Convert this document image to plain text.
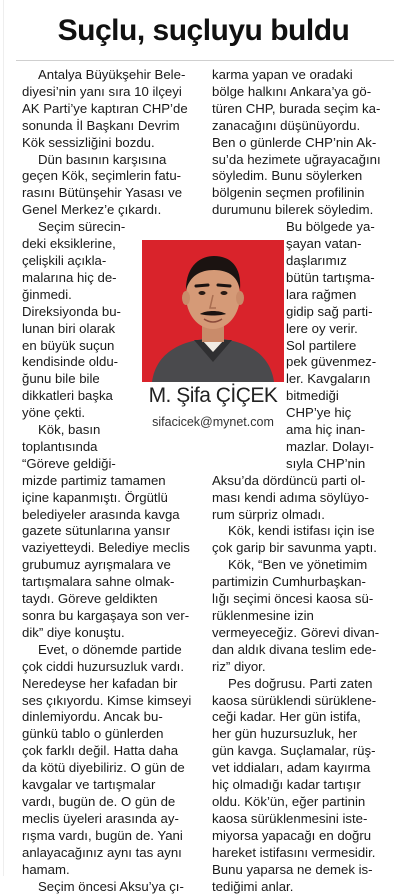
Suçlu, suçluyu buldu
Antalya Büyükşehir Bele-
diyesi’nin yanı sıra 10 ilçeyi
AK Parti’ye kaptıran CHP’de
sonunda İl Başkanı Devrim
Kök sessizliğini bozdu.
Dün basının karşısına
geçen Kök, seçimlerin fatu-
rasını Bütünşehir Yasası ve
Genel Merkez’e çıkardı.
Seçim sürecin-
deki eksiklerine,
çelişkili açıkla-
malarına hiç de-
ğinmedi.
Direksiyonda bu-
lunan biri olarak
en büyük suçun
kendisinde oldu-
ğunu bile bile
dikkatleri başka
yöne çekti.
Kök, basın
toplantısında
“Göreve geldiği-
mizde partimiz tamamen
içine kapanmıştı. Örgütlü
belediyeler arasında kavga
gazete sütunlarına yansır
vaziyetteydi. Belediye meclis
grubumuz ayrışmalara ve
tartışmalara sahne olmak-
taydı. Göreve geldikten
sonra bu kargaşaya son ver-
dik” diye konuştu.
Evet, o dönemde partide
çok ciddi huzursuzluk vardı.
Neredeyse her kafadan bir
ses çıkıyordu. Kimse kimseyi
dinlemiyordu. Ancak bu-
günkü tablo o günlerden
çok farklı değil. Hatta daha
da kötü diyebiliriz. O gün de
kavgalar ve tartışmalar
vardı, bugün de. O gün de
meclis üyeleri arasında ay-
rışma vardı, bugün de. Yani
anlayacağınız aynı tas aynı
hamam.
Seçim öncesi Aksu’ya çı-
karma yapan ve oradaki
bölge halkını Ankara’ya gö-
türen CHP, burada seçim ka-
zanacağını düşünüyordu.
Ben o günlerde CHP’nin Ak-
su’da hezimete uğrayacağını
söyledim. Bunu söylerken
bölgenin seçmen profilinin
durumunu bilerek söyledim.
Bu bölgede ya-
şayan vatan-
daşlarımız
bütün tartışma-
lara rağmen
gidip sağ parti-
lere oy verir.
Sol partilere
pek güvenmez-
ler. Kavgaların
bitmediği
CHP’ye hiç
ama hiç inan-
mazlar. Dolayı-
sıyla CHP’nin
Aksu’da dördüncü parti ol-
ması kendi adıma söylüyo-
rum sürpriz olmadı.
Kök, kendi istifası için ise
çok garip bir savunma yaptı.
Kök, “Ben ve yönetimim
partimizin Cumhurbaşkan-
lığı seçimi öncesi kaosa sü-
rüklenmesine izin
vermeyeceğiz. Görevi divan-
dan aldık divana teslim ede-
riz” diyor.
Pes doğrusu. Parti zaten
kaosa sürüklendi sürüklene-
ceği kadar. Her gün istifa,
her gün huzursuzluk, her
gün kavga. Suçlamalar, rüş-
vet iddiaları, adam kayırma
hiç olmadığı kadar tartışır
oldu. Kök’ün, eğer partinin
kaosa sürüklenmesini iste-
miyorsa yapacağı en doğru
hareket istifasını vermesidir.
Bunu yaparsa ne demek is-
tediğimi anlar.
M. Şifa ÇİÇEK
sifacicek@mynet.com
